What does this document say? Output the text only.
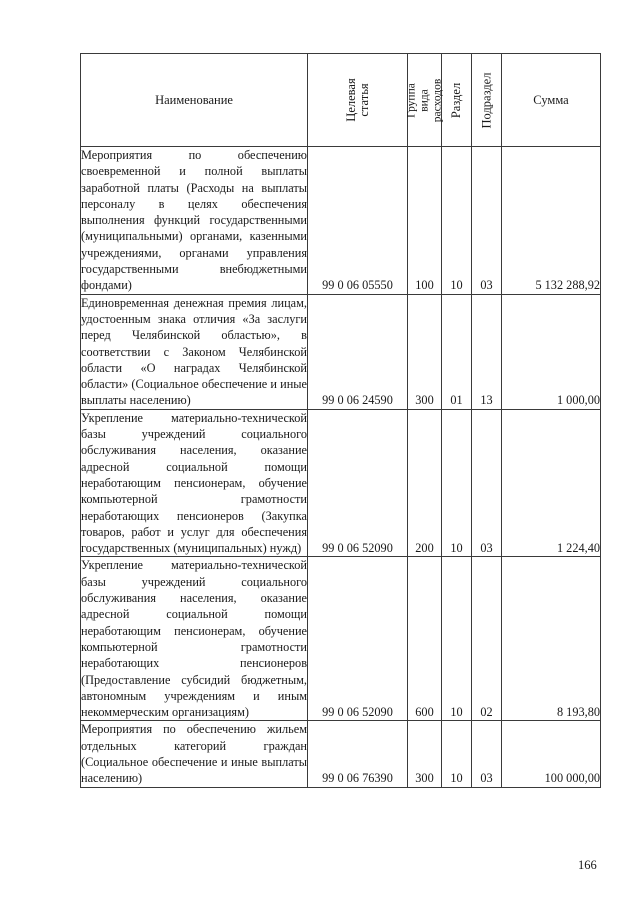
Наименование	Целевая статья	Группа вида расходов	Раздел	Подраздел	Сумма
Мероприятия по обеспечению своевременной и полной выплаты заработной платы (Расходы на выплаты персоналу в целях обеспечения выполнения функций государственными (муниципальными) органами, казенными учреждениями, органами управления государственными внебюджетными фондами)	99 0 06 05550	100	10	03	5 132 288,92
Единовременная денежная премия лицам, удостоенным знака отличия «За заслуги перед Челябинской областью», в соответствии с Законом Челябинской области «О наградах Челябинской области» (Социальное обеспечение и иные выплаты населению)	99 0 06 24590	300	01	13	1 000,00
Укрепление материально-технической базы учреждений социального обслуживания населения, оказание адресной социальной помощи неработающим пенсионерам, обучение компьютерной грамотности неработающих пенсионеров (Закупка товаров, работ и услуг для обеспечения государственных (муниципальных) нужд)	99 0 06 52090	200	10	03	1 224,40
Укрепление материально-технической базы учреждений социального обслуживания населения, оказание адресной социальной помощи неработающим пенсионерам, обучение компьютерной грамотности неработающих пенсионеров (Предоставление субсидий бюджетным, автономным учреждениям и иным некоммерческим организациям)	99 0 06 52090	600	10	02	8 193,80
Мероприятия по обеспечению жильем отдельных категорий граждан (Социальное обеспечение и иные выплаты населению)	99 0 06 76390	300	10	03	100 000,00
166
